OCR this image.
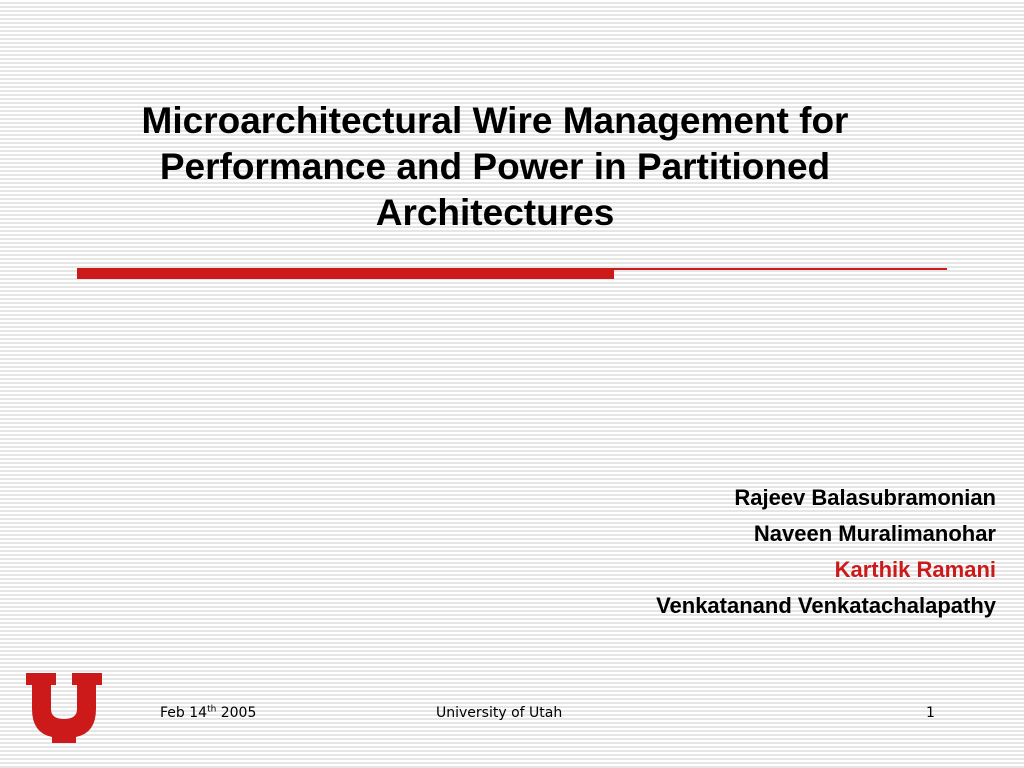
Microarchitectural Wire Management for
Performance and Power in Partitioned
Architectures
Rajeev Balasubramonian
Naveen Muralimanohar
Karthik Ramani
Venkatanand Venkatachalapathy
Feb 14th 2005	University of Utah	1
